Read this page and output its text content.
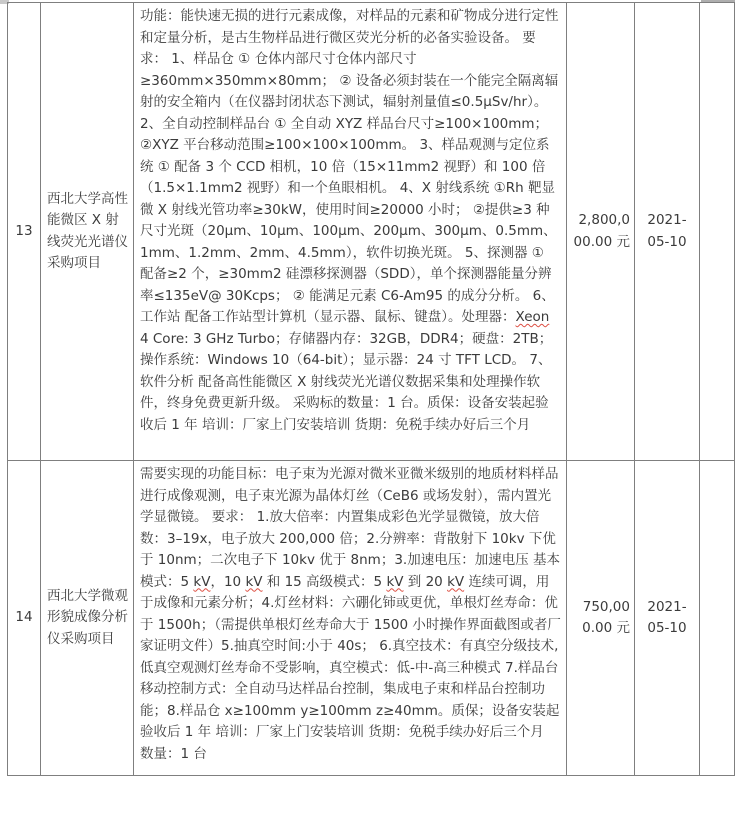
13	西北大学高性能微区 X 射线荧光光谱仪采购项目	功能：能快速无损的进行元素成像，对样品的元素和矿物成分进行定性和定量分析，是古生物样品进行微区荧光分析的必备实验设备。 要求： 1、样品仓 ① 仓体内部尺寸仓体内部尺寸≥360mm×350mm×80mm； ② 设备必须封装在一个能完全隔离辐射的安全箱内（在仪器封闭状态下测试，辐射剂量值≤0.5μSv/hr）。 2、全自动控制样品台 ① 全自动 XYZ 样品台尺寸≥100×100mm； ②XYZ 平台移动范围≥100×100×100mm。 3、样品观测与定位系统 ① 配备 3 个 CCD 相机，10 倍（15×11mm2 视野）和 100 倍（1.5×1.1mm2 视野）和一个鱼眼相机。 4、X 射线系统 ①Rh 靶显微 X 射线光管功率≥30kW，使用时间≥20000 小时； ②提供≥3 种尺寸光斑（20μm、10μm、100μm、200μm、300μm、0.5mm、1mm、1.2mm、2mm、4.5mm），软件切换光斑。 5、探测器 ① 配备≥2 个，≥30mm2 硅漂移探测器（SDD），单个探测器能量分辨率≤135eV@ 30Kcps； ② 能满足元素 C6-Am95 的成分分析。 6、工作站 配备工作站型计算机（显示器、鼠标、键盘）。处理器：Xeon 4 Core: 3 GHz Turbo；存储器内存：32GB，DDR4；硬盘：2TB；操作系统：Windows 10（64-bit）；显示器：24 寸 TFT LCD。 7、软件分析 配备高性能微区 X 射线荧光光谱仪数据采集和处理操作软件，终身免费更新升级。 采购标的数量：1 台。质保：设备安装起验收后 1 年 培训：厂家上门安装培训 货期：免税手续办好后三个月	2,800,000.00 元	2021-05-10	
14	西北大学微观形貌成像分析仪采购项目	需要实现的功能目标：电子束为光源对微米亚微米级别的地质材料样品进行成像观测，电子束光源为晶体灯丝（CeB6 或场发射），需内置光学显微镜。 要求： 1.放大倍率：内置集成彩色光学显微镜，放大倍数：3–19x，电子放大 200,000 倍；2.分辨率：背散射下 10kv 下优于 10nm；二次电子下 10kv 优于 8nm；3.加速电压：加速电压 基本模式：5 kV，10 kV 和 15 高级模式：5 kV 到 20 kV 连续可调，用于成像和元素分析；4.灯丝材料：六硼化铈或更优，单根灯丝寿命：优于 1500h；（需提供单根灯丝寿命大于 1500 小时操作界面截图或者厂家证明文件）5.抽真空时间:小于 40s； 6.真空技术：有真空分级技术,低真空观测灯丝寿命不受影响，真空模式：低-中-高三种模式 7.样品台移动控制方式：全自动马达样品台控制，集成电子束和样品台控制功能；8.样品仓 x≥100mm y≥100mm z≥40mm。质保；设备安装起验收后 1 年 培训：厂家上门安装培训 货期：免税手续办好后三个月 数量：1 台	750,000.00 元	2021-05-10	
